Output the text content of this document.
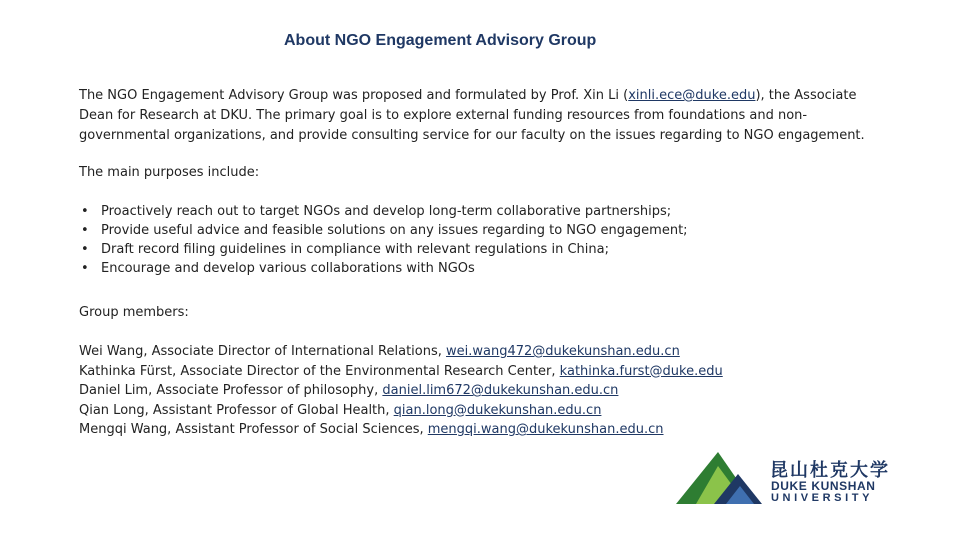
About NGO Engagement Advisory Group

The NGO Engagement Advisory Group was proposed and formulated by Prof. Xin Li (xinli.ece@duke.edu), the Associate
Dean for Research at DKU. The primary goal is to explore external funding resources from foundations and non-
governmental organizations, and provide consulting service for our faculty on the issues regarding to NGO engagement.

The main purposes include:

• Proactively reach out to target NGOs and develop long-term collaborative partnerships;
• Provide useful advice and feasible solutions on any issues regarding to NGO engagement;
• Draft record filing guidelines in compliance with relevant regulations in China;
• Encourage and develop various collaborations with NGOs

Group members:

Wei Wang, Associate Director of International Relations, wei.wang472@dukekunshan.edu.cn
Kathinka Fürst, Associate Director of the Environmental Research Center, kathinka.furst@duke.edu
Daniel Lim, Associate Professor of philosophy, daniel.lim672@dukekunshan.edu.cn
Qian Long, Assistant Professor of Global Health, qian.long@dukekunshan.edu.cn
Mengqi Wang, Assistant Professor of Social Sciences, mengqi.wang@dukekunshan.edu.cn
昆山杜克大学
DUKE KUNSHAN
UNIVERSITY
